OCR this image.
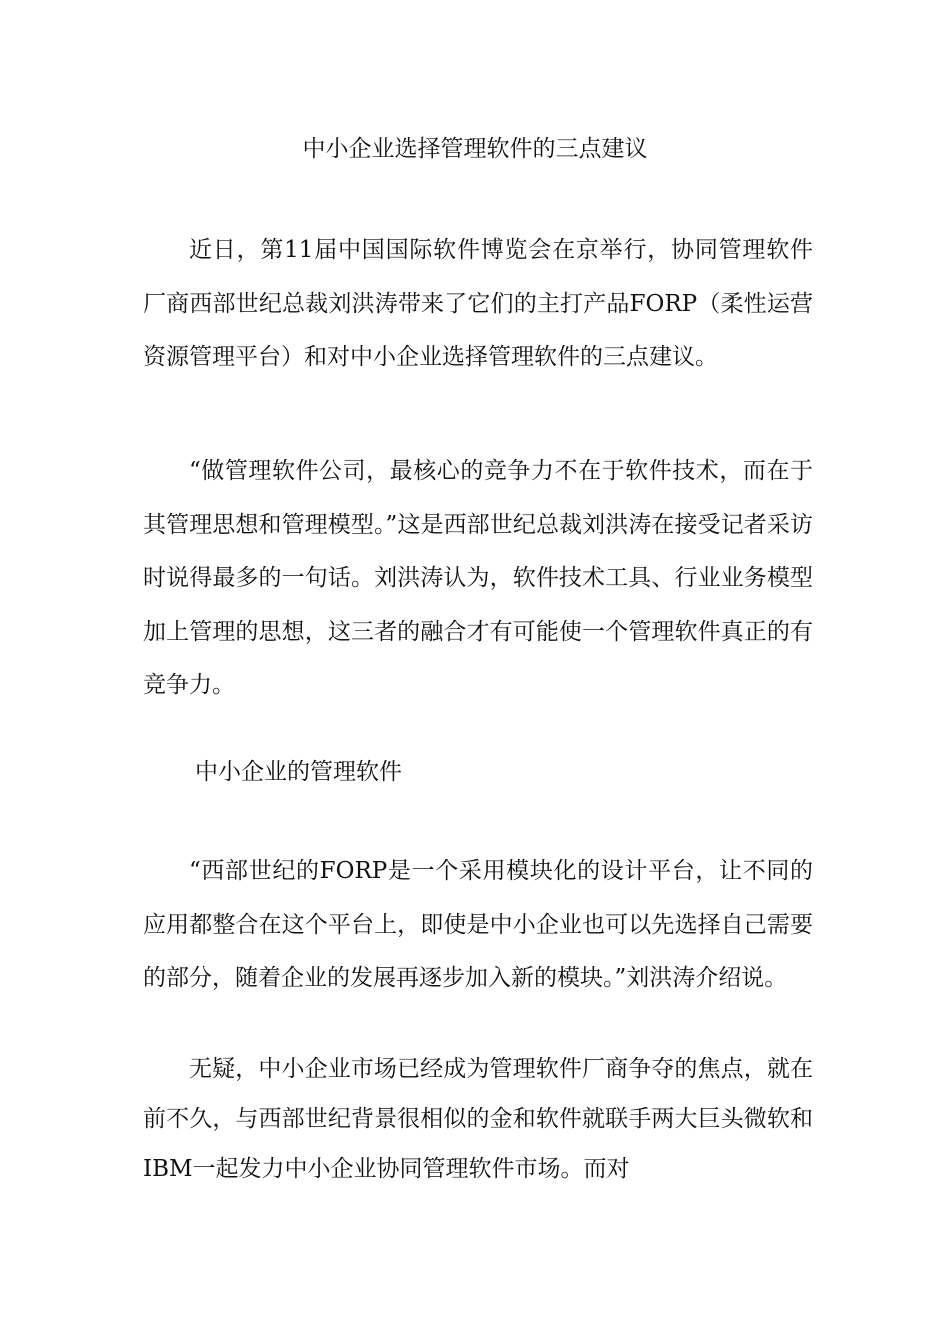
中小企业选择管理软件的三点建议

近日，第11届中国国际软件博览会在京举行，协同管理软件厂商西部世纪总裁刘洪涛带来了它们的主打产品FORP（柔性运营资源管理平台）和对中小企业选择管理软件的三点建议。

“做管理软件公司，最核心的竞争力不在于软件技术，而在于其管理思想和管理模型。”这是西部世纪总裁刘洪涛在接受记者采访时说得最多的一句话。刘洪涛认为，软件技术工具、行业业务模型加上管理的思想，这三者的融合才有可能使一个管理软件真正的有竞争力。

中小企业的管理软件

“西部世纪的FORP是一个采用模块化的设计平台，让不同的应用都整合在这个平台上，即使是中小企业也可以先选择自己需要的部分，随着企业的发展再逐步加入新的模块。”刘洪涛介绍说。

无疑，中小企业市场已经成为管理软件厂商争夺的焦点，就在前不久，与西部世纪背景很相似的金和软件就联手两大巨头微软和IBM一起发力中小企业协同管理软件市场。而对
